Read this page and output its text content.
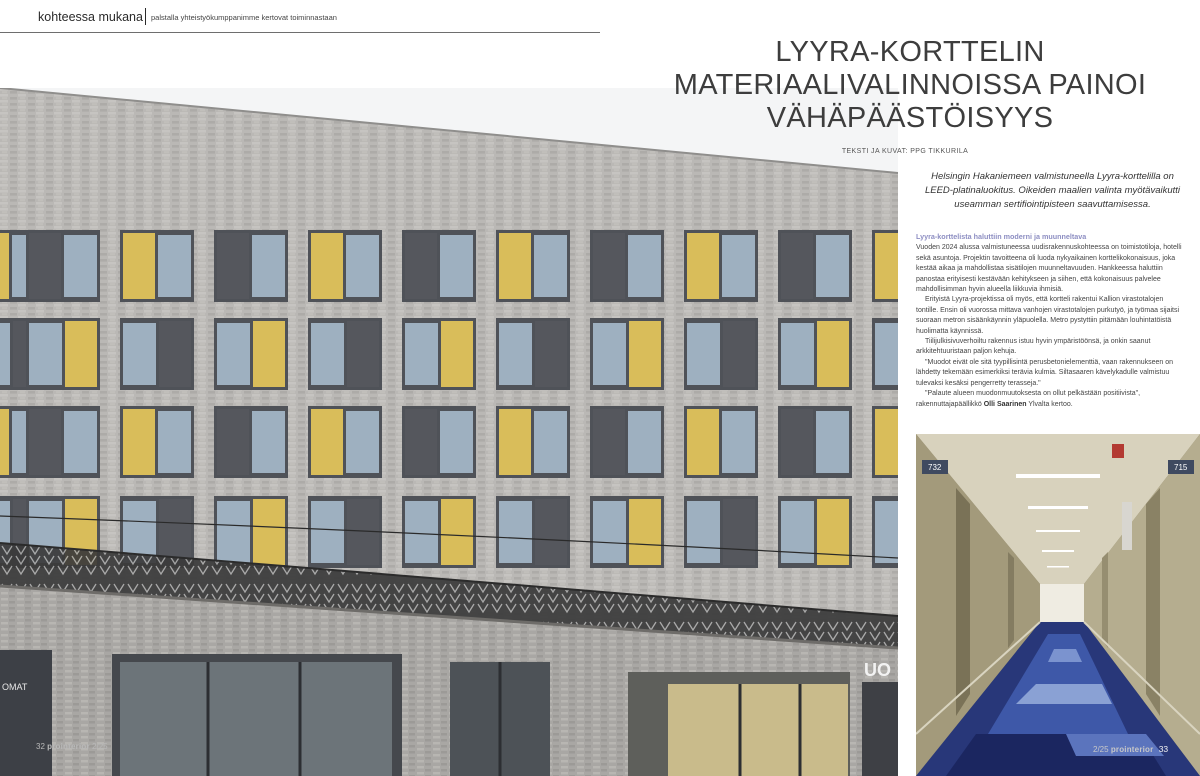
kohteessa mukana palstalla yhteistyökumppanimme kertovat toiminnastaan
OMAT
UO
LYYRA-KORTTELIN
MATERIAALIVALINNOISSA PAINOI
VÄHÄPÄÄSTÖISYYS
TEKSTI JA KUVAT: PPG TIKKURILA
Helsingin Hakaniemeen valmistuneella Lyyra-korttelilla on LEED-platinaluokitus. Oikeiden maalien valinta myötävaikutti useamman sertifiointipisteen saavuttamisessa.
Lyyra-korttelista haluttiin moderni ja muunneltava

Vuoden 2024 alussa valmistuneessa uudisrakennuskohteessa on toimistotiloja, hotelli sekä asuntoja. Projektin tavoitteena oli luoda nykyaikainen korttelikokonaisuus, joka kestää aikaa ja mahdollistaa sisätilojen muunneltavuuden. Hankkeessa haluttiin panostaa erityisesti kestävään kehitykseen ja siihen, että kokonaisuus palvelee mahdollisimman hyvin alueella liikkuvia ihmisiä.

Erityistä Lyyra-projektissa oli myös, että kortteli rakentui Kallion virastotalojen tontille. Ensin oli vuorossa mittava vanhojen virastotalojen purkutyö, ja työmaa sijaitsi suoraan metron sisäänkäynnin yläpuolella. Metro pystyttiin pitämään louhintatöistä huolimatta käynnissä.

Tiilijulkisivuverhoiltu rakennus istuu hyvin ympäristöönsä, ja onkin saanut arkkitehtuuristaan paljon kehuja.

"Muodot eivät ole sitä tyypillisintä perusbetonielementtiä, vaan rakennukseen on lähdetty tekemään esimerkiksi terävia kulmia. Siltasaaren kävelykadulle valmistuu tulevaksi kesäksi pengerretty terasseja."

"Palaute alueen muodonmuutoksesta on ollut pelkästään positiivista", rakennuttajapäällikkö Olli Saarinen Ylvalta kertoo.

732	715
32 prointerior 2/25	2/25 prointerior 33
